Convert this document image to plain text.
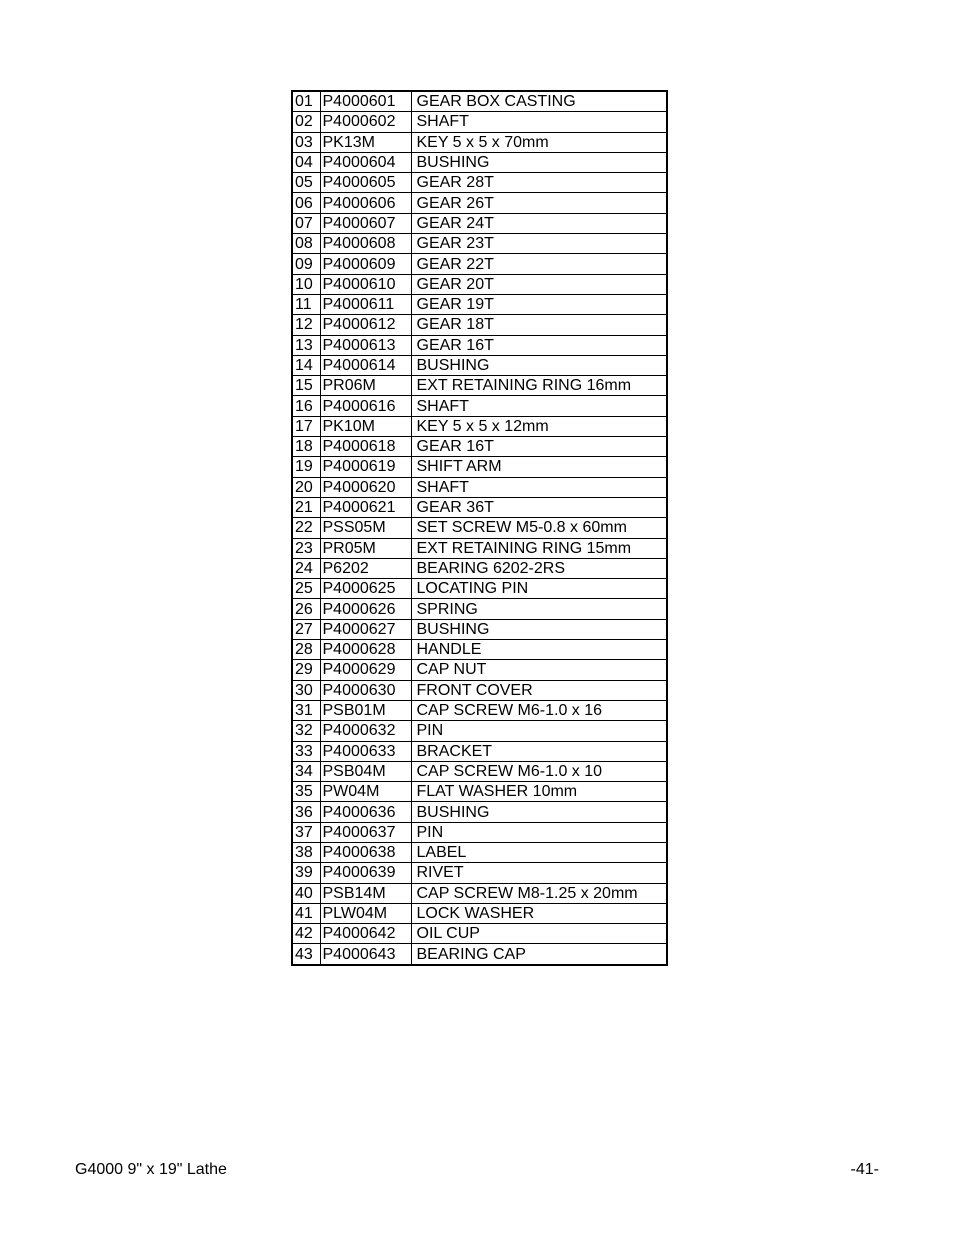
01	P4000601	GEAR BOX CASTING
02	P4000602	SHAFT
03	PK13M	KEY 5 x 5 x 70mm
04	P4000604	BUSHING
05	P4000605	GEAR 28T
06	P4000606	GEAR 26T
07	P4000607	GEAR 24T
08	P4000608	GEAR 23T
09	P4000609	GEAR 22T
10	P4000610	GEAR 20T
11	P4000611	GEAR 19T
12	P4000612	GEAR 18T
13	P4000613	GEAR 16T
14	P4000614	BUSHING
15	PR06M	EXT RETAINING RING 16mm
16	P4000616	SHAFT
17	PK10M	KEY 5 x 5 x 12mm
18	P4000618	GEAR 16T
19	P4000619	SHIFT ARM
20	P4000620	SHAFT
21	P4000621	GEAR 36T
22	PSS05M	SET SCREW M5-0.8 x 60mm
23	PR05M	EXT RETAINING RING 15mm
24	P6202	BEARING 6202-2RS
25	P4000625	LOCATING PIN
26	P4000626	SPRING
27	P4000627	BUSHING
28	P4000628	HANDLE
29	P4000629	CAP NUT
30	P4000630	FRONT COVER
31	PSB01M	CAP SCREW M6-1.0 x 16
32	P4000632	PIN
33	P4000633	BRACKET
34	PSB04M	CAP SCREW M6-1.0 x 10
35	PW04M	FLAT WASHER 10mm
36	P4000636	BUSHING
37	P4000637	PIN
38	P4000638	LABEL
39	P4000639	RIVET
40	PSB14M	CAP SCREW M8-1.25 x 20mm
41	PLW04M	LOCK WASHER
42	P4000642	OIL CUP
43	P4000643	BEARING CAP
G4000 9" x 19" Lathe	-41-
